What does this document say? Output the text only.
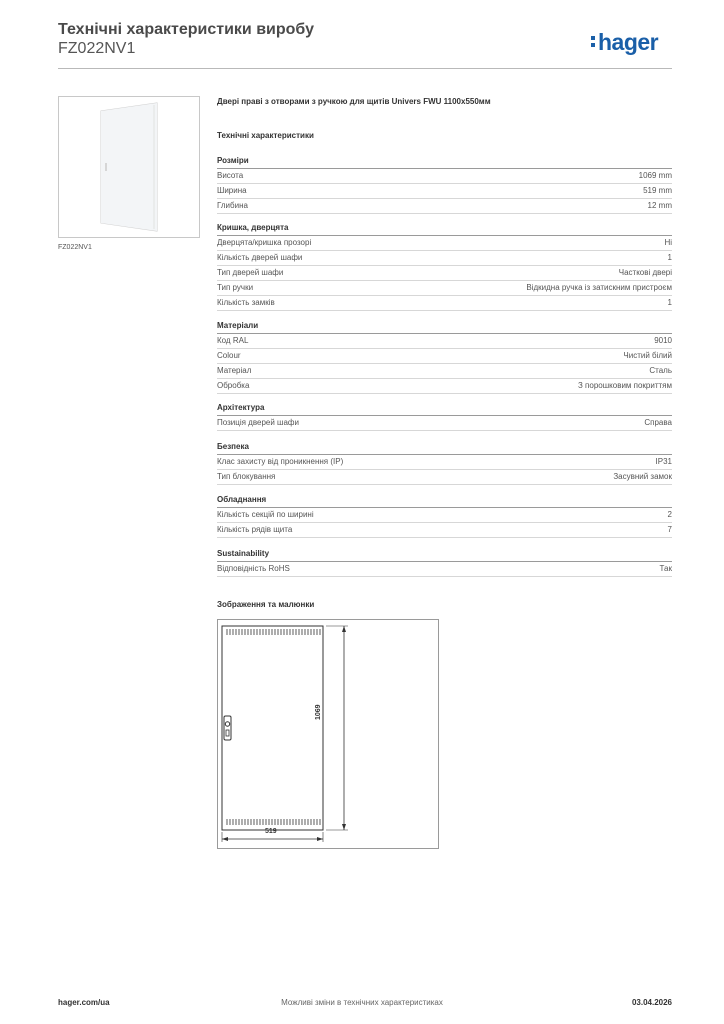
Технічні характеристики виробу
FZ022NV1	hager
FZ022NV1
Двері праві з отворами з ручкою для щитів Univers FWU 1100x550мм
Технічні характеристики
Розміри
Висота	1069 mm
Ширина	519 mm
Глибина	12 mm
Кришка, дверцята
Дверцята/кришка прозорі	Ні
Кількість дверей шафи	1
Тип дверей шафи	Часткові двері
Тип ручки	Відкидна ручка із затискним пристроєм
Кількість замків	1
Матеріали
Код RAL	9010
Colour	Чистий білий
Матеріал	Сталь
Обробка	З порошковим покриттям
Архітектура
Позиція дверей шафи	Справа
Безпека
Клас захисту від проникнення (IP)	IP31
Тип блокування	Засувний замок
Обладнання
Кількість секцій по ширині	2
Кількість рядів щита	7
Sustainability
Відповідність RoHS	Так
Зображення та малюнки
1069
519
hager.com/ua	Можливі зміни в технічних характеристиках	03.04.2026
